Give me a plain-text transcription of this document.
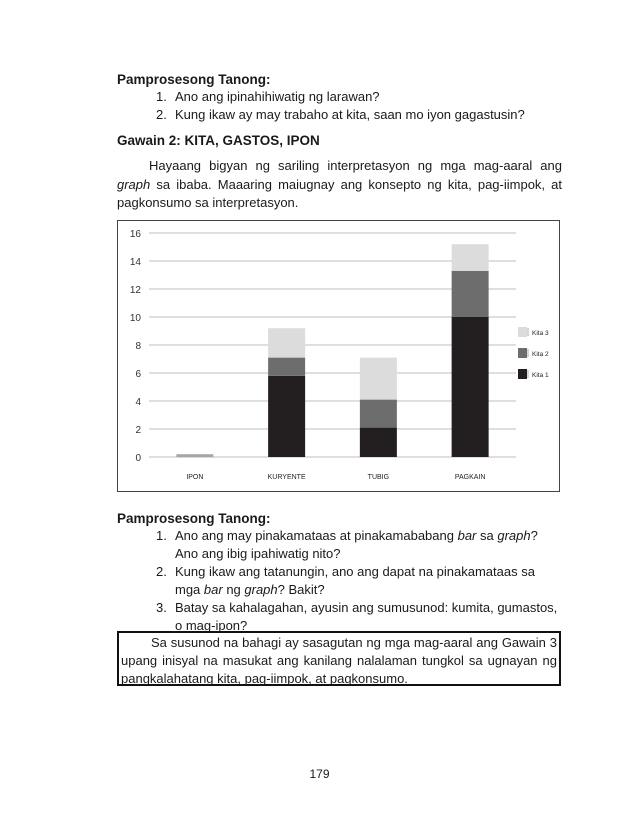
Pamprosesong Tanong:
1. Ano ang ipinahihiwatig ng larawan?
2. Kung ikaw ay may trabaho at kita, saan mo iyon gagastusin?
Gawain 2: KITA, GASTOS, IPON
Hayaang bigyan ng sariling interpretasyon ng mga mag-aaral ang graph sa ibaba. Maaaring maiugnay ang konsepto ng kita, pag-iimpok, at pagkonsumo sa interpretasyon.
0
2
4
6
8
10
12
14
16
IPON	KURYENTE	TUBIG	PAGKAIN
Kita 3
Kita 2
Kita 1
Pamprosesong Tanong:
1. Ano ang may pinakamataas at pinakamababang bar sa graph? Ano ang ibig ipahiwatig nito?
2. Kung ikaw ang tatanungin, ano ang dapat na pinakamataas sa mga bar ng graph? Bakit?
3. Batay sa kahalagahan, ayusin ang sumusunod: kumita, gumastos, o mag-ipon?
Sa susunod na bahagi ay sasagutan ng mga mag-aaral ang Gawain 3 upang inisyal na masukat ang kanilang nalalaman tungkol sa ugnayan ng pangkalahatang kita, pag-iimpok, at pagkonsumo.
179
